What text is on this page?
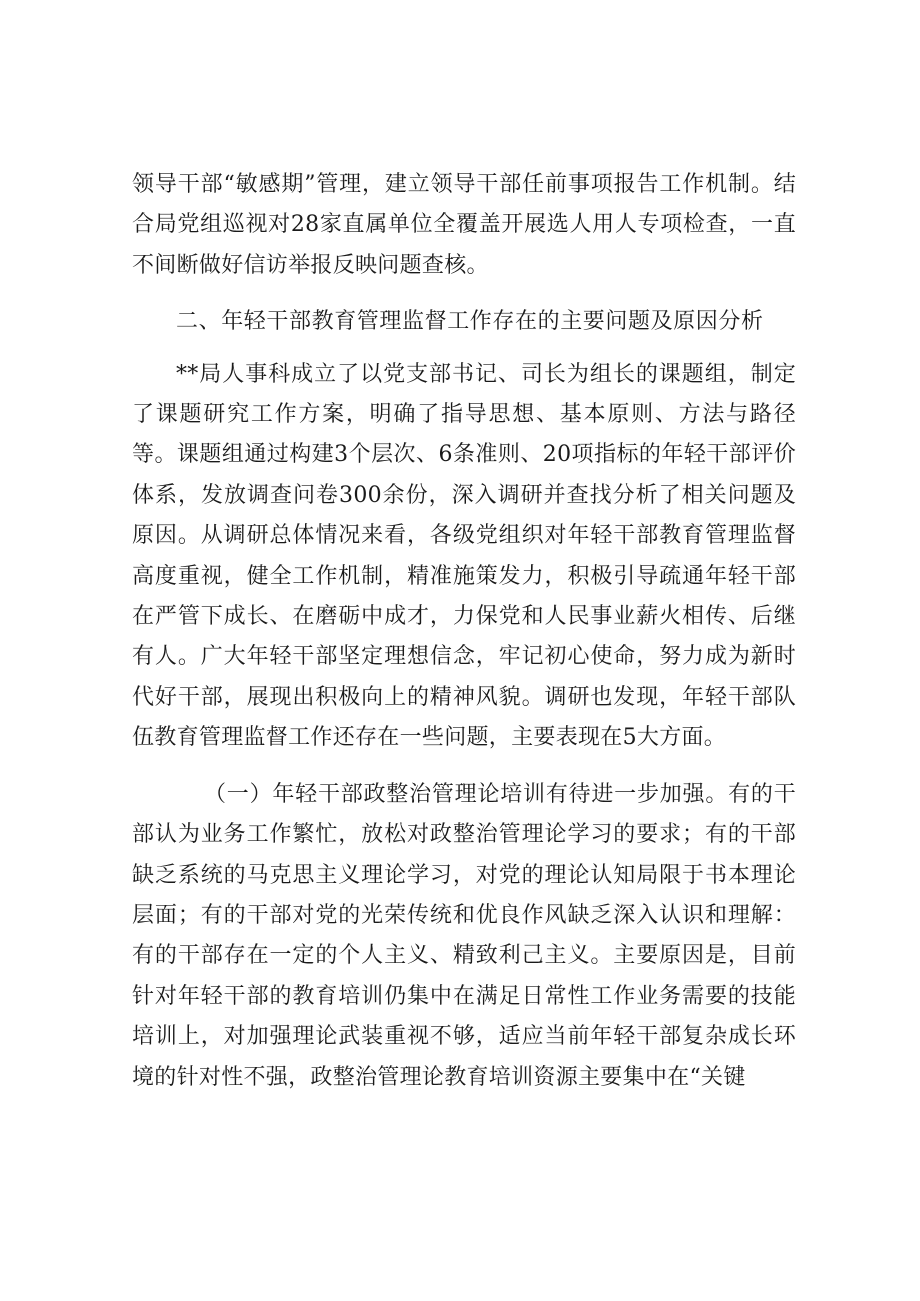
领导干部“敏感期”管理，建立领导干部任前事项报告工作机制。结合局党组巡视对28家直属单位全覆盖开展选人用人专项检查，一直不间断做好信访举报反映问题查核。

二、年轻干部教育管理监督工作存在的主要问题及原因分析

**局人事科成立了以党支部书记、司长为组长的课题组，制定了课题研究工作方案，明确了指导思想、基本原则、方法与路径等。课题组通过构建3个层次、6条准则、20项指标的年轻干部评价体系，发放调查问卷300余份，深入调研并查找分析了相关问题及原因。从调研总体情况来看，各级党组织对年轻干部教育管理监督高度重视，健全工作机制，精准施策发力，积极引导疏通年轻干部在严管下成长、在磨砺中成才，力保党和人民事业薪火相传、后继有人。广大年轻干部坚定理想信念，牢记初心使命，努力成为新时代好干部，展现出积极向上的精神风貌。调研也发现，年轻干部队伍教育管理监督工作还存在一些问题，主要表现在5大方面。

（一）年轻干部政整治管理论培训有待进一步加强。有的干部认为业务工作繁忙，放松对政整治管理论学习的要求；有的干部缺乏系统的马克思主义理论学习，对党的理论认知局限于书本理论层面；有的干部对党的光荣传统和优良作风缺乏深入认识和理解：有的干部存在一定的个人主义、精致利己主义。主要原因是，目前针对年轻干部的教育培训仍集中在满足日常性工作业务需要的技能培训上，对加强理论武装重视不够，适应当前年轻干部复杂成长环境的针对性不强，政整治管理论教育培训资源主要集中在“关键
